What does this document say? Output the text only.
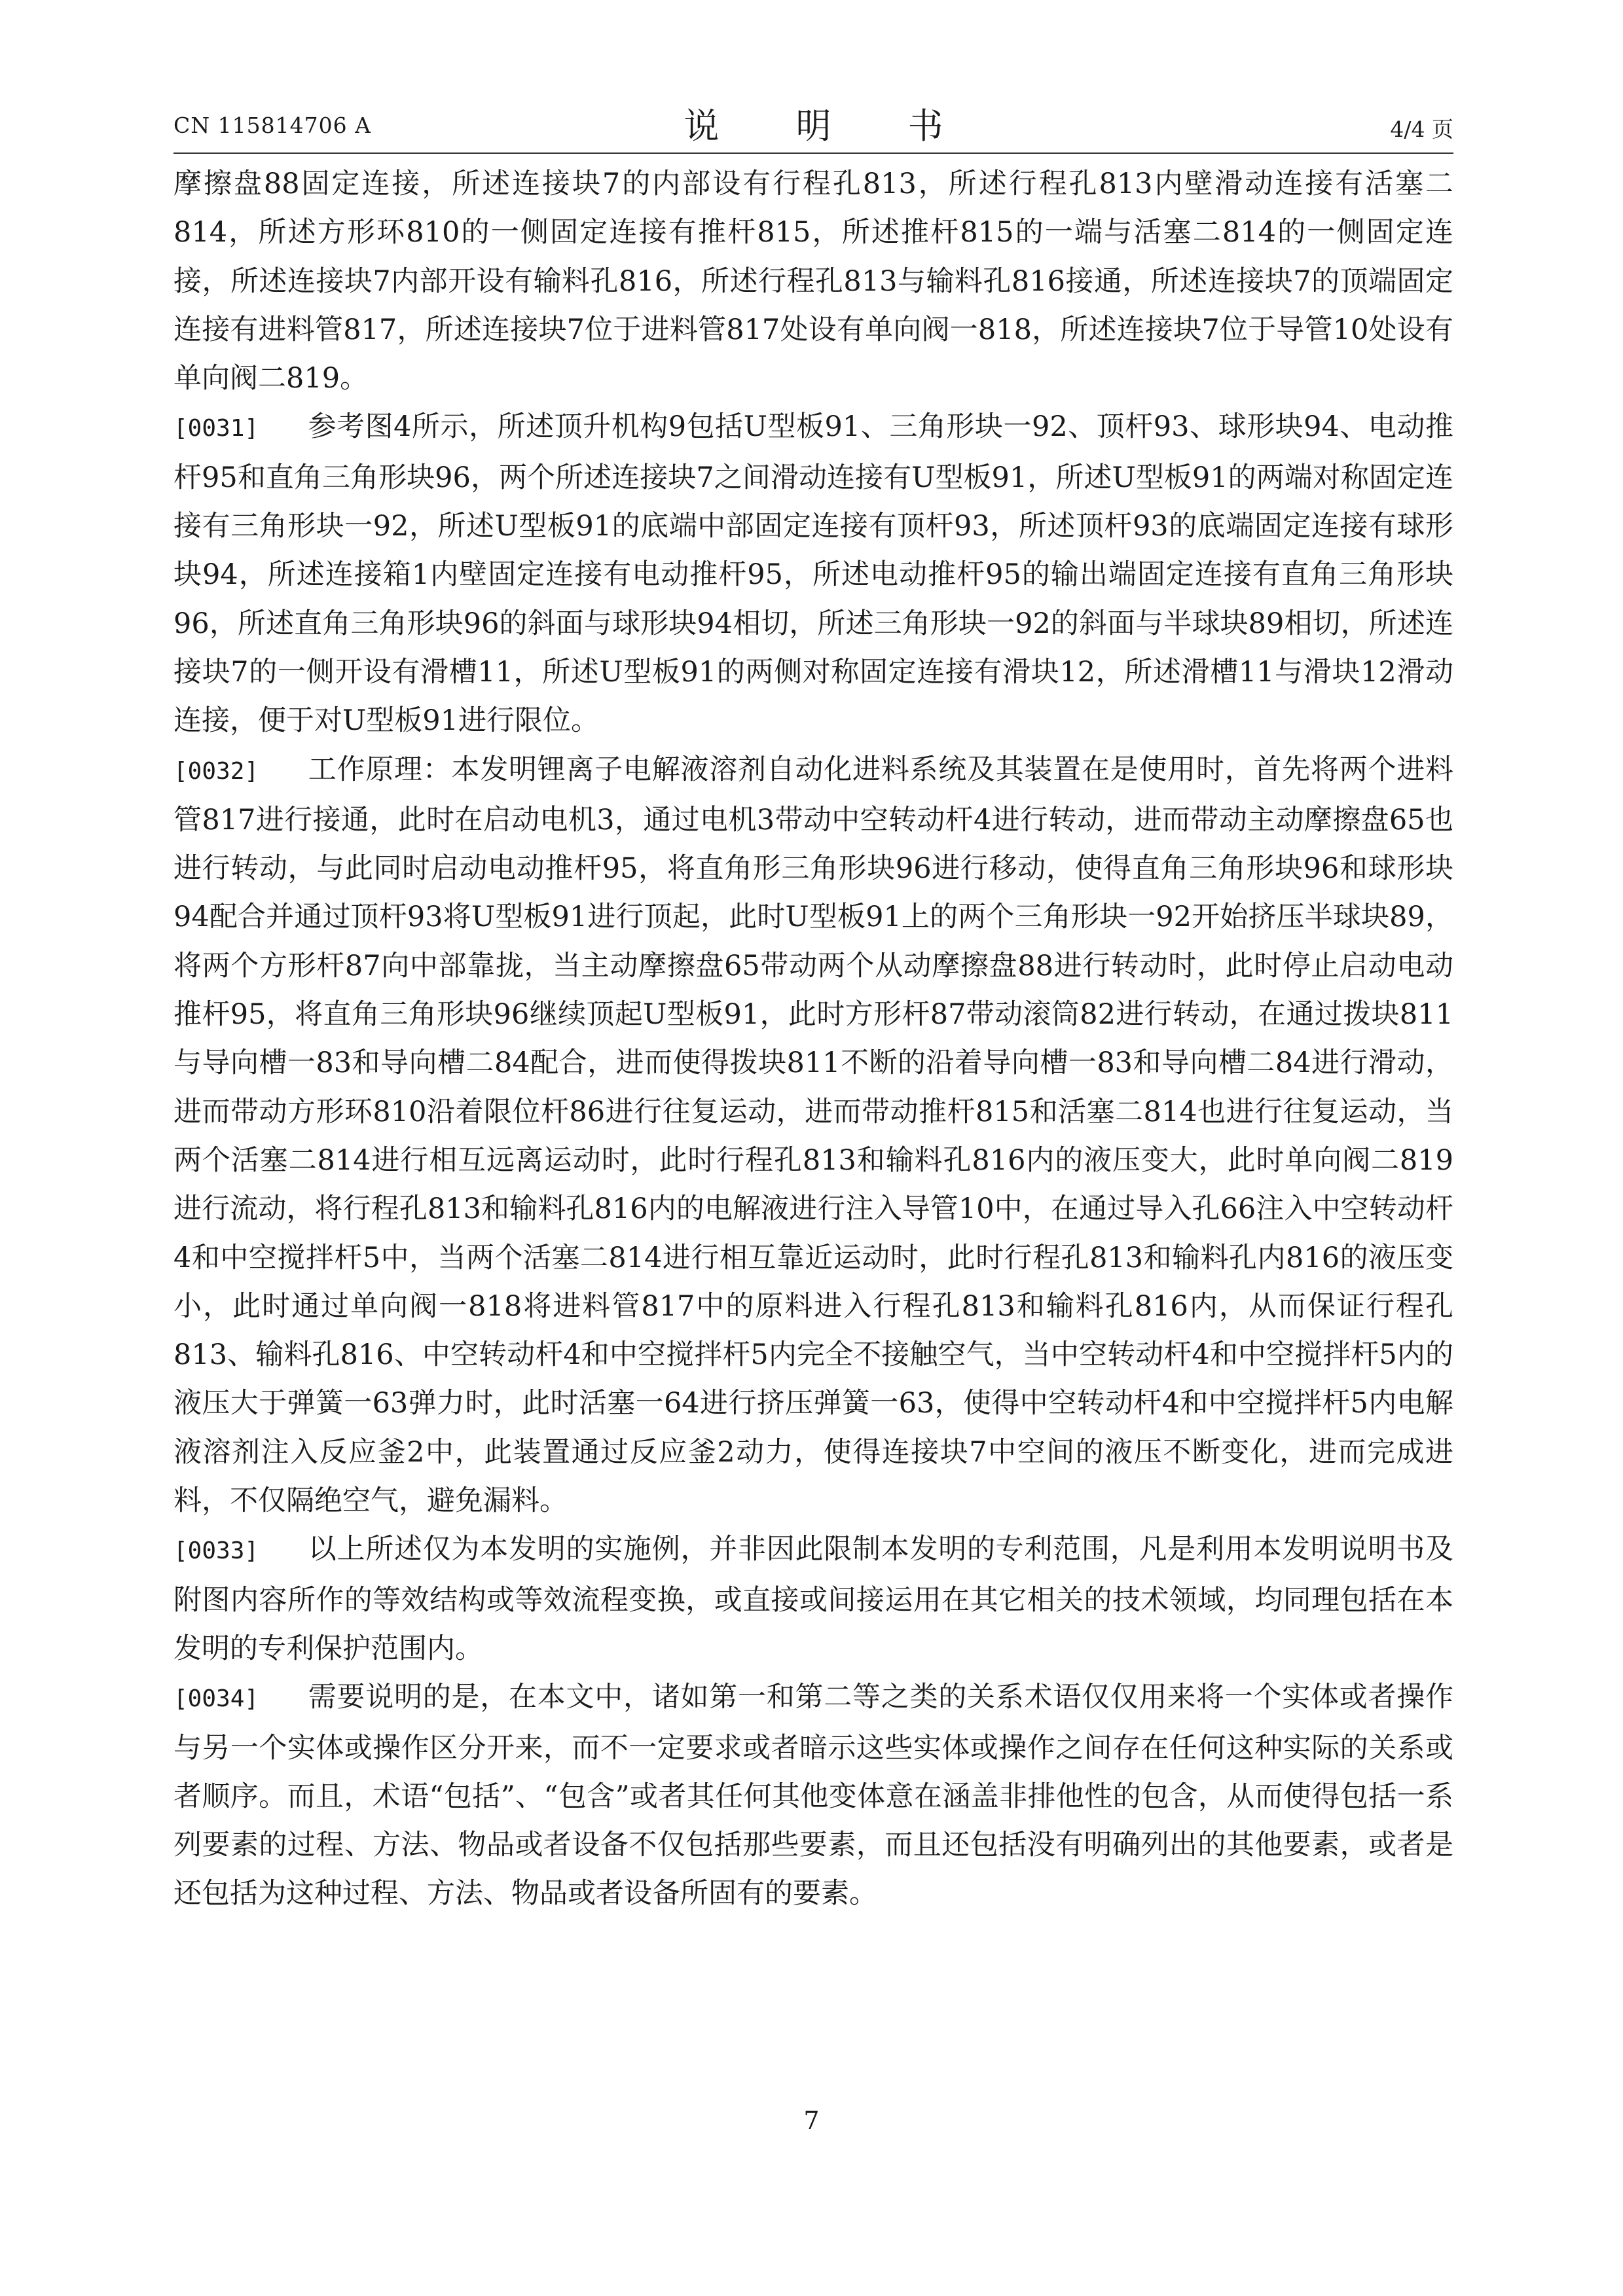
CN 115814706 A	说 明 书	4/4 页

摩擦盘88固定连接，所述连接块7的内部设有行程孔813，所述行程孔813内壁滑动连接有活塞二814，所述方形环810的一侧固定连接有推杆815，所述推杆815的一端与活塞二814的一侧固定连接，所述连接块7内部开设有输料孔816，所述行程孔813与输料孔816接通，所述连接块7的顶端固定连接有进料管817，所述连接块7位于进料管817处设有单向阀一818，所述连接块7位于导管10处设有单向阀二819。

[0031] 参考图4所示，所述顶升机构9包括U型板91、三角形块一92、顶杆93、球形块94、电动推杆95和直角三角形块96，两个所述连接块7之间滑动连接有U型板91，所述U型板91的两端对称固定连接有三角形块一92，所述U型板91的底端中部固定连接有顶杆93，所述顶杆93的底端固定连接有球形块94，所述连接箱1内壁固定连接有电动推杆95，所述电动推杆95的输出端固定连接有直角三角形块96，所述直角三角形块96的斜面与球形块94相切，所述三角形块一92的斜面与半球块89相切，所述连接块7的一侧开设有滑槽11，所述U型板91的两侧对称固定连接有滑块12，所述滑槽11与滑块12滑动连接，便于对U型板91进行限位。

[0032] 工作原理：本发明锂离子电解液溶剂自动化进料系统及其装置在是使用时，首先将两个进料管817进行接通，此时在启动电机3，通过电机3带动中空转动杆4进行转动，进而带动主动摩擦盘65也进行转动，与此同时启动电动推杆95，将直角形三角形块96进行移动，使得直角三角形块96和球形块94配合并通过顶杆93将U型板91进行顶起，此时U型板91上的两个三角形块一92开始挤压半球块89，将两个方形杆87向中部靠拢，当主动摩擦盘65带动两个从动摩擦盘88进行转动时，此时停止启动电动推杆95，将直角三角形块96继续顶起U型板91，此时方形杆87带动滚筒82进行转动，在通过拨块811与导向槽一83和导向槽二84配合，进而使得拨块811不断的沿着导向槽一83和导向槽二84进行滑动，进而带动方形环810沿着限位杆86进行往复运动，进而带动推杆815和活塞二814也进行往复运动，当两个活塞二814进行相互远离运动时，此时行程孔813和输料孔816内的液压变大，此时单向阀二819进行流动，将行程孔813和输料孔816内的电解液进行注入导管10中，在通过导入孔66注入中空转动杆4和中空搅拌杆5中，当两个活塞二814进行相互靠近运动时，此时行程孔813和输料孔内816的液压变小，此时通过单向阀一818将进料管817中的原料进入行程孔813和输料孔816内，从而保证行程孔813、输料孔816、中空转动杆4和中空搅拌杆5内完全不接触空气，当中空转动杆4和中空搅拌杆5内的液压大于弹簧一63弹力时，此时活塞一64进行挤压弹簧一63，使得中空转动杆4和中空搅拌杆5内电解液溶剂注入反应釜2中，此装置通过反应釜2动力，使得连接块7中空间的液压不断变化，进而完成进料，不仅隔绝空气，避免漏料。

[0033] 以上所述仅为本发明的实施例，并非因此限制本发明的专利范围，凡是利用本发明说明书及附图内容所作的等效结构或等效流程变换，或直接或间接运用在其它相关的技术领域，均同理包括在本发明的专利保护范围内。

[0034] 需要说明的是，在本文中，诸如第一和第二等之类的关系术语仅仅用来将一个实体或者操作与另一个实体或操作区分开来，而不一定要求或者暗示这些实体或操作之间存在任何这种实际的关系或者顺序。而且，术语“包括”、“包含”或者其任何其他变体意在涵盖非排他性的包含，从而使得包括一系列要素的过程、方法、物品或者设备不仅包括那些要素，而且还包括没有明确列出的其他要素，或者是还包括为这种过程、方法、物品或者设备所固有的要素。

7
